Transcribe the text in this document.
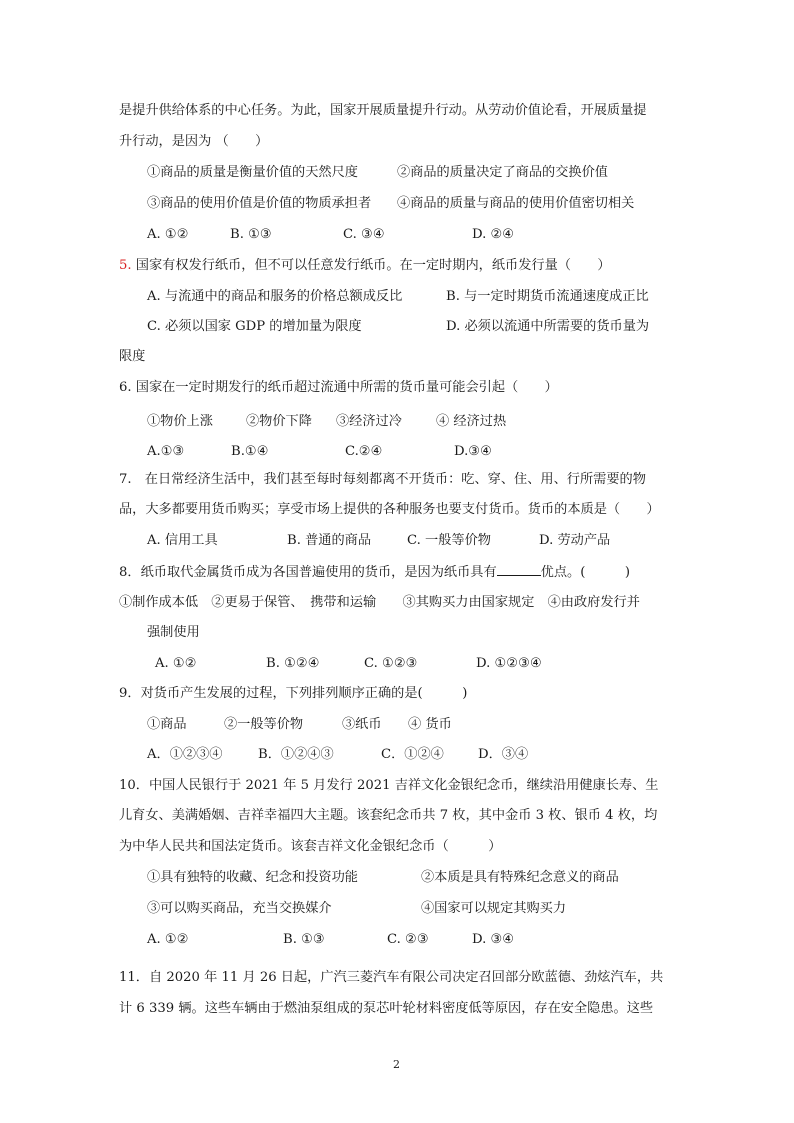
是提升供给体系的中心任务。为此，国家开展质量提升行动。从劳动价值论看，开展质量提
升行动，是因为 （　　）
①商品的质量是衡量价值的天然尺度	②商品的质量决定了商品的交换价值
③商品的使用价值是价值的物质承担者 ④商品的质量与商品的使用价值密切相关
A. ①②	B. ①③	C. ③④	D. ②④
5. 国家有权发行纸币，但不可以任意发行纸币。在一定时期内，纸币发行量（　　）
A. 与流通中的商品和服务的价格总额成反比	B. 与一定时期货币流通速度成正比
C. 必须以国家 GDP 的增加量为限度	D. 必须以流通中所需要的货币量为
限度
6. 国家在一定时期发行的纸币超过流通中所需的货币量可能会引起（　　）
①物价上涨	②物价下降 ③经济过冷	④ 经济过热
A.①③	B.①④	C.②④	D.③④
7.　在日常经济生活中，我们甚至每时每刻都离不开货币：吃、穿、住、用、行所需要的物
品，大多都要用货币购买；享受市场上提供的各种服务也要支付货币。货币的本质是（　　）
A. 信用工具	B. 普通的商品	C. 一般等价物	D. 劳动产品
8．纸币取代金属货币成为各国普遍使用的货币，是因为纸币具有	优点。(　　　)
①制作成本低　②更易于保管、　携带和运输　　③其购买力由国家规定　④由政府发行并
强制使用
A. ①②	B. ①②④	C. ①②③	D. ①②③④
9．对货币产生发展的过程，下列排列顺序正确的是(　　　)
①商品	②一般等价物	③纸币 ④ 货币
A．①②③④	B．①②④③	C．①②④	D．③④
10．中国人民银行于 2021 年 5 月发行 2021 吉祥文化金银纪念币，继续沿用健康长寿、生
儿育女、美满婚姻、吉祥幸福四大主题。该套纪念币共 7 枚，其中金币 3 枚、银币 4 枚，均
为中华人民共和国法定货币。该套吉祥文化金银纪念币（　　　）
①具有独特的收藏、纪念和投资功能	②本质是具有特殊纪念意义的商品
③可以购买商品，充当交换媒介	④国家可以规定其购买力
A. ①②	B. ①③	C. ②③	D. ③④
11．自 2020 年 11 月 26 日起，广汽三菱汽车有限公司决定召回部分欧蓝德、劲炫汽车，共
计 6 339 辆。这些车辆由于燃油泵组成的泵芯叶轮材料密度低等原因，存在安全隐患。这些
2
